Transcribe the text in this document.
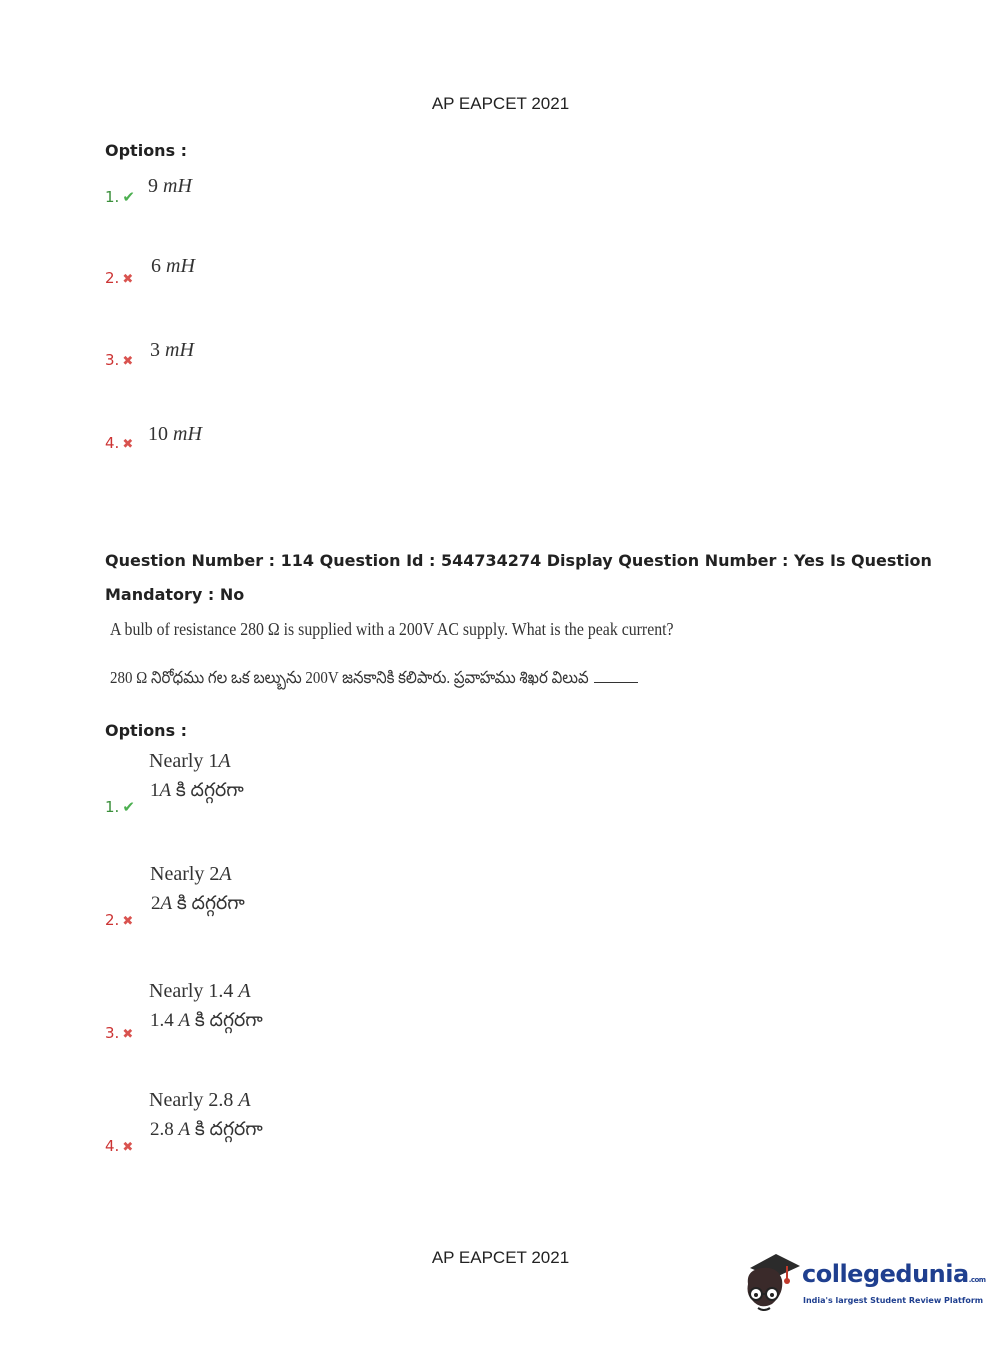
AP EAPCET 2021
Options :
1. ✔ 9 mH
2. ✖
6 mH
3. ✖
3 mH
4. ✖ 10 mH
Question Number : 114 Question Id : 544734274 Display Question Number : Yes Is Question
Mandatory : No
A bulb of resistance 280 Ω is supplied with a 200V AC supply. What is the peak current?
280 Ω నిరోధము గల ఒక బల్బును 200V జనకానికి కలిపారు. ప్రవాహము శిఖర విలువ
Options :
Nearly 1A
1A కి దగ్గరగా
1. ✔
Nearly 2A
2A కి దగ్గరగా
2. ✖
Nearly 1.4 A
1.4 A కి దగ్గరగా
3. ✖
Nearly 2.8 A
2.8 A కి దగ్గరగా
4. ✖
AP EAPCET 2021
collegedunia.com
India's largest Student Review Platform
